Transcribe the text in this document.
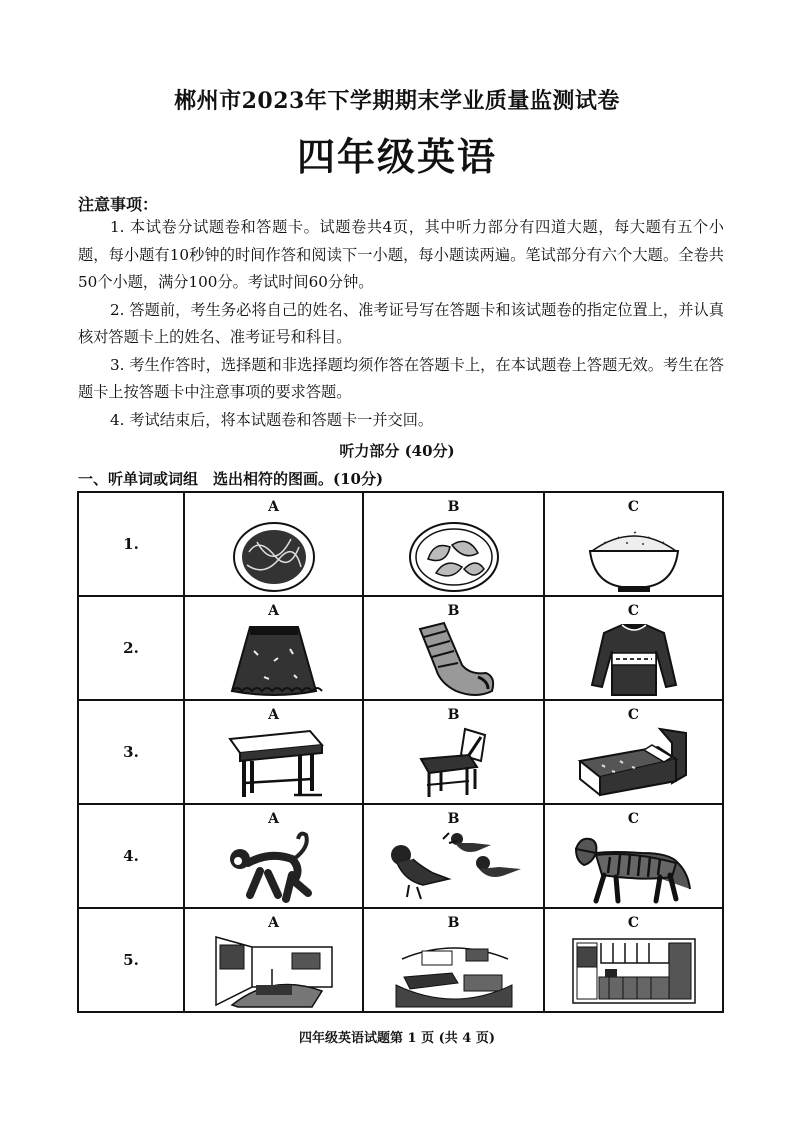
郴州市2023年下学期期末学业质量监测试卷
四年级英语
注意事项：

1. 本试卷分试题卷和答题卡。试题卷共4页，其中听力部分有四道大题，每大题有五个小题，每小题有10秒钟的时间作答和阅读下一小题，每小题读两遍。笔试部分有六个大题。全卷共50个小题，满分100分。考试时间60分钟。

2. 答题前，考生务必将自己的姓名、准考证号写在答题卡和该试题卷的指定位置上，并认真核对答题卡上的姓名、准考证号和科目。

3. 考生作答时，选择题和非选择题均须作答在答题卡上，在本试题卷上答题无效。考生在答题卡上按答题卡中注意事项的要求答题。

4. 考试结束后，将本试题卷和答题卡一并交回。

听力部分 (40分)
一、听单词或词组　选出相符的图画。(10分)
1.	A	B	C

2.	A	B	C

3.	A	B	C

4.	A	B	C

5.	A	B	C
四年级英语试题第 1 页 (共 4 页)
